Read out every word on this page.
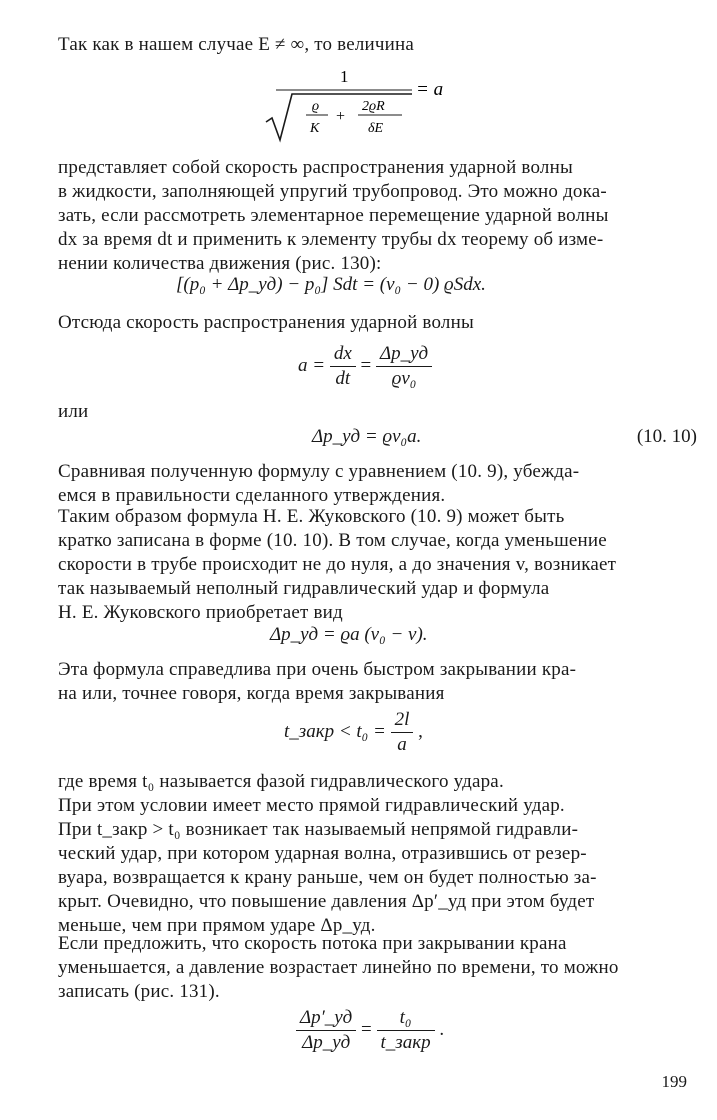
Так как в нашем случае E ≠ ∞, то величина
1
ϱ
K
+
2ϱR
δE
= a
представляет собой скорость распространения ударной волны
в жидкости, заполняющей упругий трубопровод. Это можно дока-
зать, если рассмотреть элементарное перемещение ударной волны
dx за время dt и применить к элементу трубы dx теорему об изме-
нении количества движения (рис. 130):
[(p₀ + Δp_уд) − p₀] Sdt = (v₀ − 0) ϱSdx.
Отсюда скорость распространения ударной волны
$a = \frac{dx}{dt} = \frac{\Delta p\_уд}{\text{ϱv₀}}$
или
Δp_уд = ϱv₀a.	(10. 10)
Сравнивая полученную формулу с уравнением (10. 9), убежда-
емся в правильности сделанного утверждения.
Таким образом формула Н. Е. Жуковского (10. 9) может быть
кратко записана в форме (10. 10). В том случае, когда уменьшение
скорости в трубе происходит не до нуля, а до значения v, возникает
так называемый неполный гидравлический удар и формула
Н. Е. Жуковского приобретает вид
Δp_уд = ϱa (v₀ − v).
Эта формула справедлива при очень быстром закрывании кра-
на или, точнее говоря, когда время закрывания
t_закр < $t_0 = \frac{2l}{a}$ ,
где время t₀ называется фазой гидравлического удара.
При этом условии имеет место прямой гидравлический удар.
При t_закр > t₀ возникает так называемый непрямой гидравли-
ческий удар, при котором ударная волна, отразившись от резер-
вуара, возвращается к крану раньше, чем он будет полностью за-
крыт. Очевидно, что повышение давления Δp′_уд при этом будет
меньше, чем при прямом ударе Δp_уд.
Если предложить, что скорость потока при закрывании крана
уменьшается, а давление возрастает линейно по времени, то можно
записать (рис. 131).
$\frac{\Delta p'\_уд}{\Delta p\_уд} = \frac{\text{t₀}}{\text{t\_закр}}$ .
199
